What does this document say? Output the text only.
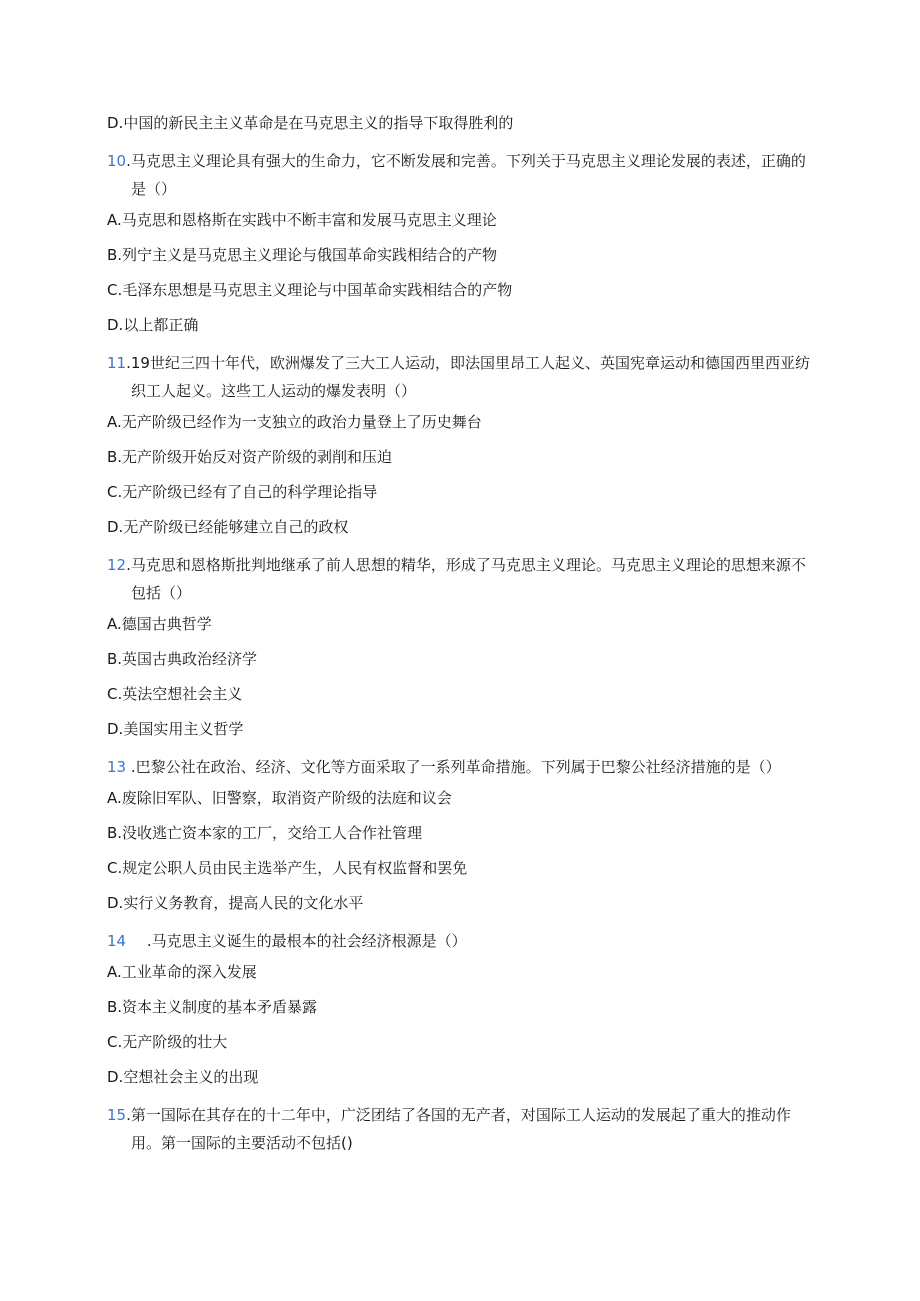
D.中国的新民主主义革命是在马克思主义的指导下取得胜利的
10.马克思主义理论具有强大的生命力，它不断发展和完善。下列关于马克思主义理论发展的表述，正确的是（）
A.马克思和恩格斯在实践中不断丰富和发展马克思主义理论
B.列宁主义是马克思主义理论与俄国革命实践相结合的产物
C.毛泽东思想是马克思主义理论与中国革命实践相结合的产物
D.以上都正确
11.19世纪三四十年代，欧洲爆发了三大工人运动，即法国里昂工人起义、英国宪章运动和德国西里西亚纺织工人起义。这些工人运动的爆发表明（）
A.无产阶级已经作为一支独立的政治力量登上了历史舞台
B.无产阶级开始反对资产阶级的剥削和压迫
C.无产阶级已经有了自己的科学理论指导
D.无产阶级已经能够建立自己的政权
12.马克思和恩格斯批判地继承了前人思想的精华，形成了马克思主义理论。马克思主义理论的思想来源不包括（）
A.德国古典哲学
B.英国古典政治经济学
C.英法空想社会主义
D.美国实用主义哲学
13 .巴黎公社在政治、经济、文化等方面采取了一系列革命措施。下列属于巴黎公社经济措施的是（）
A.废除旧军队、旧警察，取消资产阶级的法庭和议会
B.没收逃亡资本家的工厂，交给工人合作社管理
C.规定公职人员由民主选举产生，人民有权监督和罢免
D.实行义务教育，提高人民的文化水平
14 .马克思主义诞生的最根本的社会经济根源是（）
A.工业革命的深入发展
B.资本主义制度的基本矛盾暴露
C.无产阶级的壮大
D.空想社会主义的出现
15.第一国际在其存在的十二年中，广泛团结了各国的无产者，对国际工人运动的发展起了重大的推动作用。第一国际的主要活动不包括()
